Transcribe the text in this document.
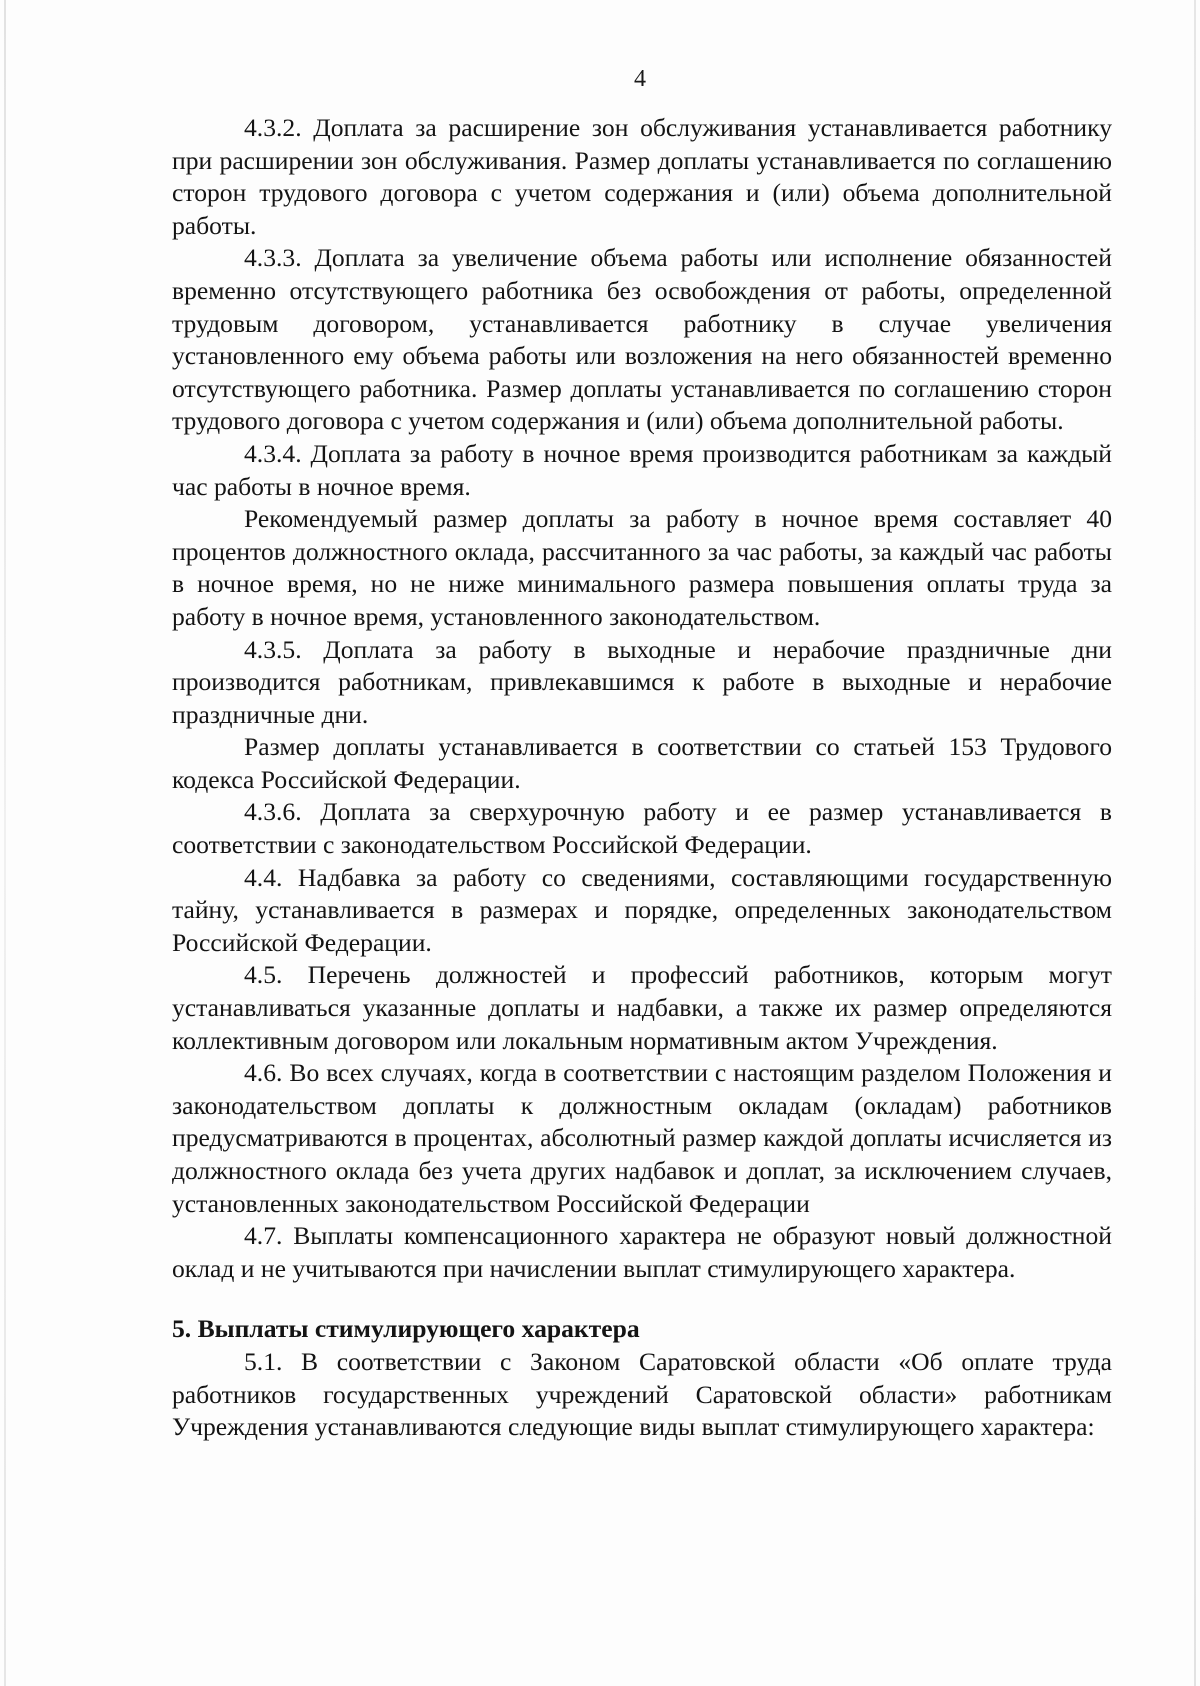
4

4.3.2. Доплата за расширение зон обслуживания устанавливается работнику при расширении зон обслуживания. Размер доплаты устанавливается по соглашению сторон трудового договора с учетом содержания и (или) объема дополнительной работы.

4.3.3. Доплата за увеличение объема работы или исполнение обязанностей временно отсутствующего работника без освобождения от работы, определенной трудовым договором, устанавливается работнику в случае увеличения установленного ему объема работы или возложения на него обязанностей временно отсутствующего работника. Размер доплаты устанавливается по соглашению сторон трудового договора с учетом содержания и (или) объема дополнительной работы.

4.3.4. Доплата за работу в ночное время производится работникам за каждый час работы в ночное время.

Рекомендуемый размер доплаты за работу в ночное время составляет 40 процентов должностного оклада, рассчитанного за час работы, за каждый час работы в ночное время, но не ниже минимального размера повышения оплаты труда за работу в ночное время, установленного законодательством.

4.3.5. Доплата за работу в выходные и нерабочие праздничные дни производится работникам, привлекавшимся к работе в выходные и нерабочие праздничные дни.

Размер доплаты устанавливается в соответствии со статьей 153 Трудового кодекса Российской Федерации.

4.3.6. Доплата за сверхурочную работу и ее размер устанавливается в соответствии с законодательством Российской Федерации.

4.4. Надбавка за работу со сведениями, составляющими государственную тайну, устанавливается в размерах и порядке, определенных законодательством Российской Федерации.

4.5. Перечень должностей и профессий работников, которым могут устанавливаться указанные доплаты и надбавки, а также их размер определяются коллективным договором или локальным нормативным актом Учреждения.

4.6. Во всех случаях, когда в соответствии с настоящим разделом Положения и законодательством доплаты к должностным окладам (окладам) работников предусматриваются в процентах, абсолютный размер каждой доплаты исчисляется из должностного оклада без учета других надбавок и доплат, за исключением случаев, установленных законодательством Российской Федерации

4.7. Выплаты компенсационного характера не образуют новый должностной оклад и не учитываются при начислении выплат стимулирующего характера.

5. Выплаты стимулирующего характера

5.1. В соответствии с Законом Саратовской области «Об оплате труда работников государственных учреждений Саратовской области» работникам Учреждения устанавливаются следующие виды выплат стимулирующего характера:
